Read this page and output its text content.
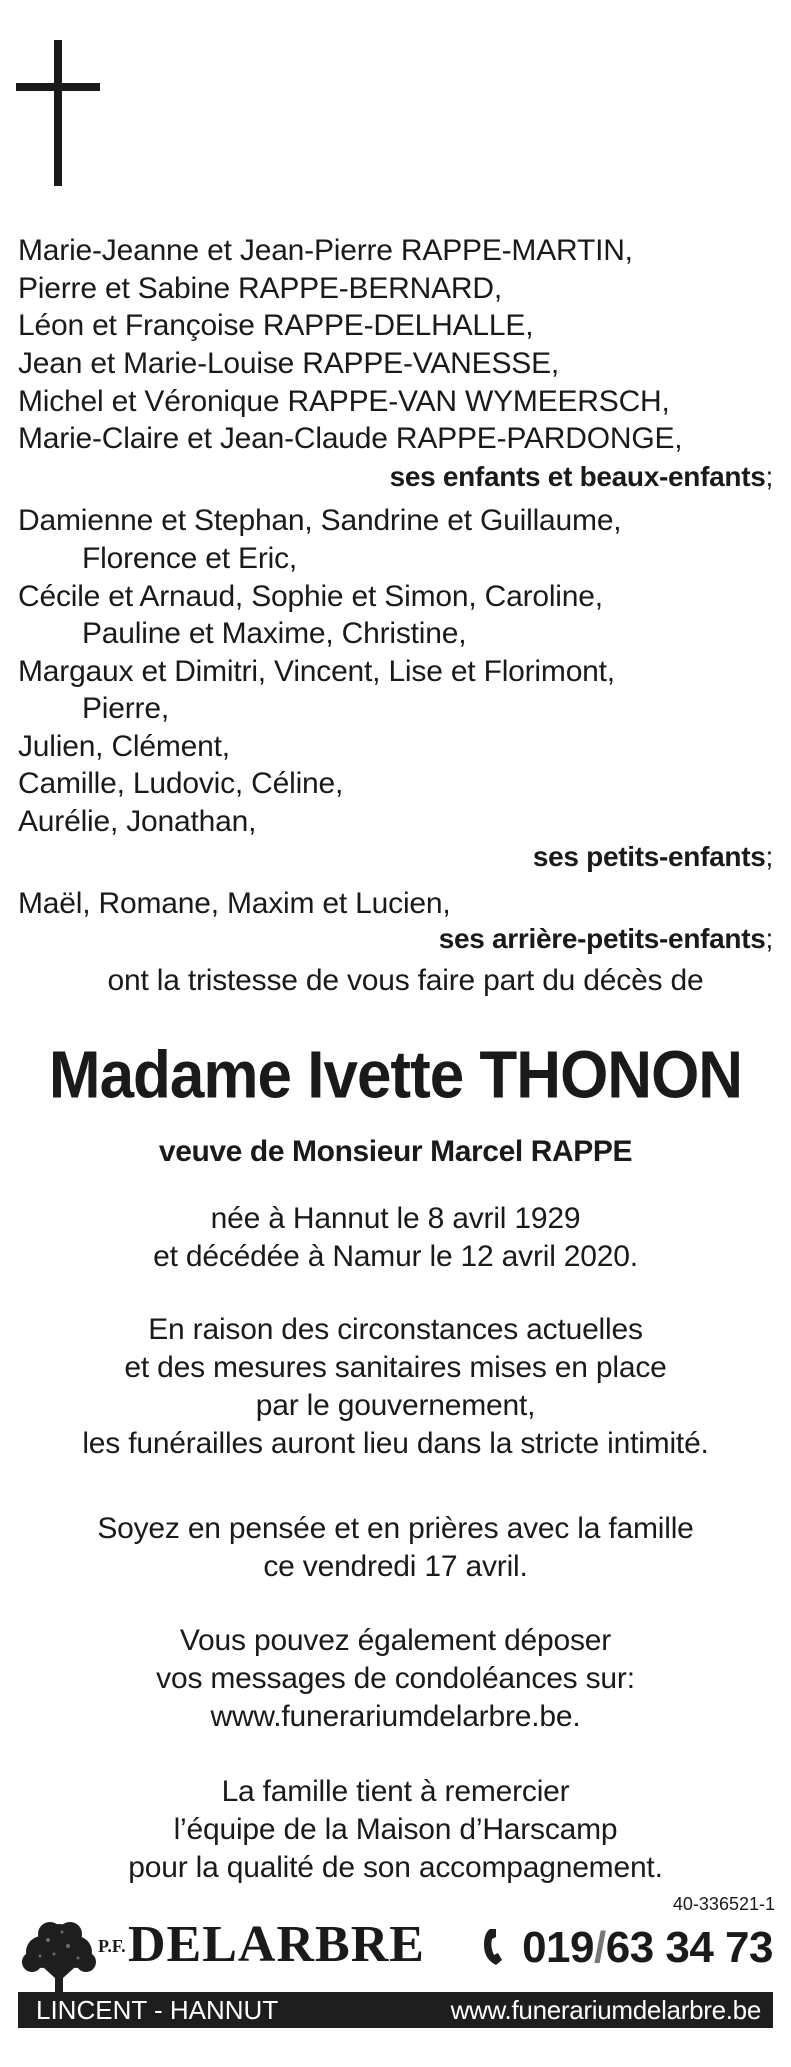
Marie-Jeanne et Jean-Pierre RAPPE-MARTIN,
Pierre et Sabine RAPPE-BERNARD,
Léon et Françoise RAPPE-DELHALLE,
Jean et Marie-Louise RAPPE-VANESSE,
Michel et Véronique RAPPE-VAN WYMEERSCH,
Marie-Claire et Jean-Claude RAPPE-PARDONGE,
ses enfants et beaux-enfants;
Damienne et Stephan, Sandrine et Guillaume,
Florence et Eric,
Cécile et Arnaud, Sophie et Simon, Caroline,
Pauline et Maxime, Christine,
Margaux et Dimitri, Vincent, Lise et Florimont,
Pierre,
Julien, Clément,
Camille, Ludovic, Céline,
Aurélie, Jonathan,
ses petits-enfants;
Maël, Romane, Maxim et Lucien,
ses arrière-petits-enfants;
ont la tristesse de vous faire part du décès de
Madame Ivette THONON
veuve de Monsieur Marcel RAPPE
née à Hannut le 8 avril 1929
et décédée à Namur le 12 avril 2020.
En raison des circonstances actuelles
et des mesures sanitaires mises en place
par le gouvernement,
les funérailles auront lieu dans la stricte intimité.
Soyez en pensée et en prières avec la famille
ce vendredi 17 avril.
Vous pouvez également déposer
vos messages de condoléances sur:
www.funerariumdelarbre.be.
La famille tient à remercier
l’équipe de la Maison d’Harscamp
pour la qualité de son accompagnement.
40-336521-1
P.F. DELARBRE 019/63 34 73
LINCENT - HANNUT	www.funerariumdelarbre.be
